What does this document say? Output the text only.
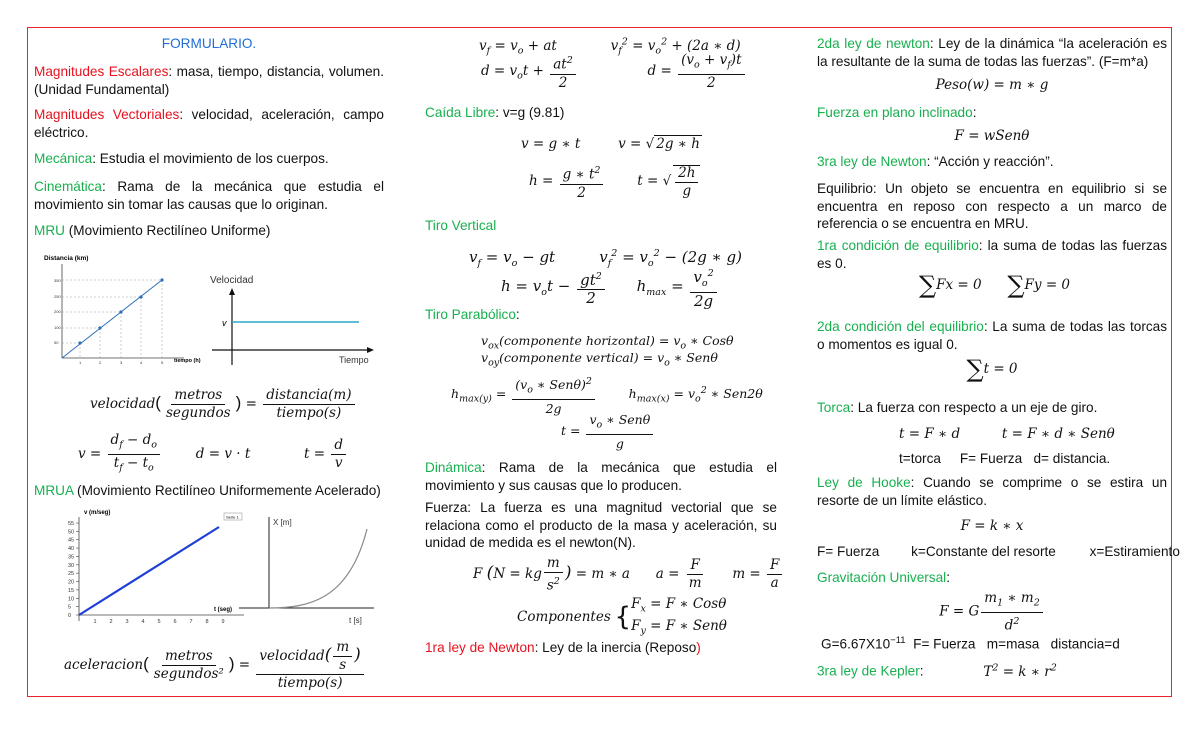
FORMULARIO.
Magnitudes Escalares: masa, tiempo, distancia, volumen. (Unidad Fundamental)
Magnitudes Vectoriales: velocidad, aceleración, campo eléctrico.
Mecánica: Estudia el movimiento de los cuerpos.
Cinemática: Rama de la mecánica que estudia el movimiento sin tomar las causas que lo originan.
MRU (Movimiento Rectilíneo Uniforme)
Distancia (km)
350
250
200
100
50
1	2	3	4	5 tiempo (h)
Velocidad
v
Tiempo
velocidad( $\frac{\text{metros}}{\text{segundos}}$ ) = $\frac{\text{distancia(m)}}{\text{tiempo(s)}}$
$v = \frac{d_f - d_o}{t_f - t_o}$	d = v · t	$t = \frac{d}{v}$
MRUA (Movimiento Rectilíneo Uniformemente Acelerado)
v (m/seg)
55
50
45
40
35
30
25
20
15
10
5
0
1 2 3 4 5 6 7 8 9
Serie 1
t (seg)
X [m]
t [s]
aceleracion( $\frac{\text{metros}}{\text{segundos²}}$ ) = $\frac{velocidad( \frac{m}{s} )}{\text{tiempo(s)}}$
$v_f = v_o$ + at	$v_f^2 = v_o^2 + (2a$ ∗ d)
$d = v_ot + \frac{at^2}{2}$	$d = \frac{(v_o + v_f)t}{2}$
Caída Libre: v=g (9.81)
v = g ∗ t	v = √ 2g ∗ h
$h = \frac{g ∗ t^2}{2}$	t = √ $\frac{2h}{g}$
Tiro Vertical
$v_f = v_o$ − gt	$v_f^2 = v_o^2 - (2g$ ∗ g)
$h = v_ot - \frac{gt^2}{2} h_{max} = \frac{v_o^2}{2g}$
Tiro Parabólico:
$v_{ox}(componente$ horizontal) = $v_o$ ∗ Cosθ
$v_{oy}(componente$ vertical) = $v_o$ ∗ Senθ
$h_{max(y)} = \frac{(v_o ∗ Sen\theta)^2}{2g}$	$h_{max(x)} = v_o^2$ ∗ Sen2θ
$t = \frac{v_o ∗ Sen\theta}{g}$
Dinámica: Rama de la mecánica que estudia el movimiento y sus causas que lo producen.
Fuerza: La fuerza es una magnitud vectorial que se relaciona como el producto de la masa y aceleración, su unidad de medida es el newton(N).
F (N = kg $\frac{m}{s^2}$ ) = m ∗ a $a = \frac{F}{m}$ $m = \frac{F}{a}$
Componentes { $F_x = F$ ∗ Cosθ
$F_y = F$ ∗ Senθ
1ra ley de Newton: Ley de la inercia (Reposo)
2da ley de newton: Ley de la dinámica “la aceleración es la resultante de la suma de todas las fuerzas”. (F=m*a)
Peso(w) = m ∗ g
Fuerza en plano inclinado:
F = wSenθ
3ra ley de Newton: “Acción y reacción”.
Equilibrio: Un objeto se encuentra en equilibrio si se encuentra en reposo con respecto a un marco de referencia o se encuentra en MRU.
1ra condición de equilibrio: la suma de todas las fuerzas es 0.
∑Fx = 0 ∑Fy = 0
2da condición del equilibrio: La suma de todas las torcas o momentos es igual 0.
∑t = 0
Torca: La fuerza con respecto a un eje de giro.
t = F ∗ d	t = F ∗ d ∗ Senθ
t=torca     F= Fuerza   d= distancia.
Ley de Hooke: Cuando se comprime o se estira un resorte de un límite elástico.
F = k ∗ x
F= Fuerza k=Constante del resorte x=Estiramiento
Gravitación Universal:
F = G $\frac{m_1 ∗ m_2}{d^2}$
$G=6.67X10^{-11}$  F= Fuerza   m=masa   distancia=d
3ra ley de Kepler:	$T^2 = k$ ∗ $r^2$
